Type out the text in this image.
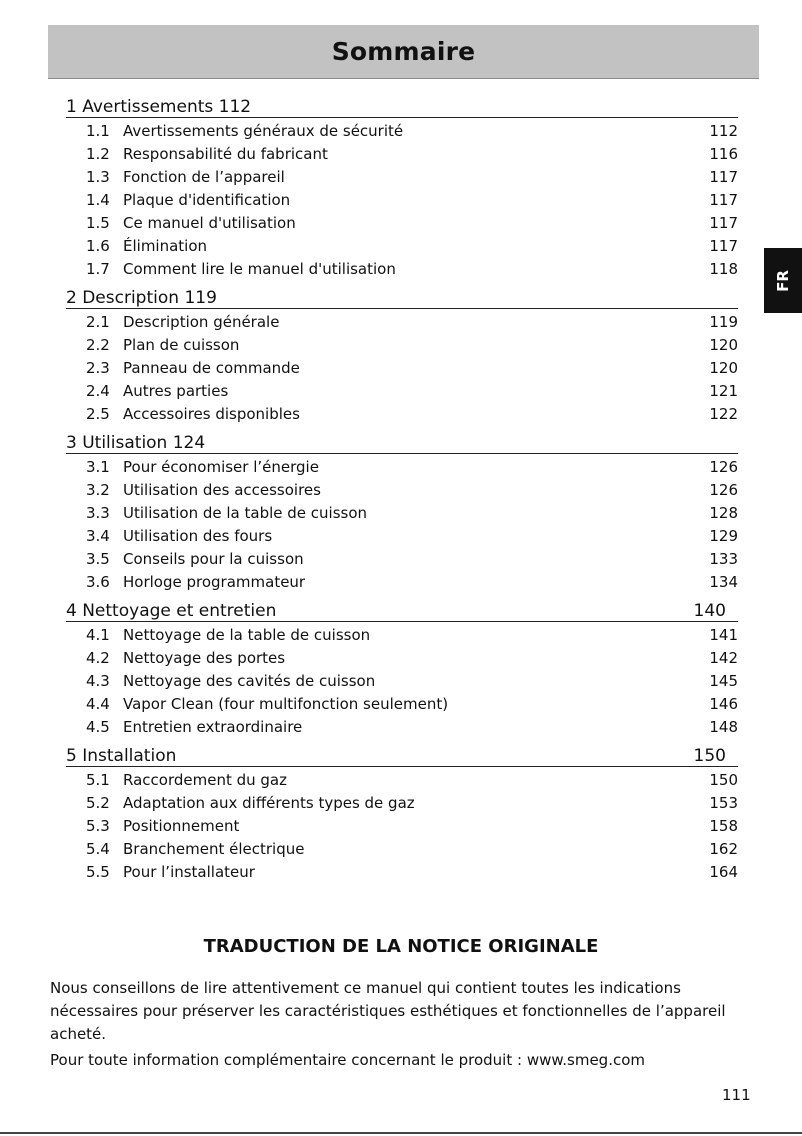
Sommaire
FR
1 Avertissements 112
1.1 Avertissements généraux de sécurité	112
1.2 Responsabilité du fabricant	116
1.3 Fonction de l’appareil	117
1.4 Plaque d'identification	117
1.5 Ce manuel d'utilisation	117
1.6 Élimination	117
1.7 Comment lire le manuel d'utilisation	118
2 Description 119
2.1 Description générale	119
2.2 Plan de cuisson	120
2.3 Panneau de commande	120
2.4 Autres parties	121
2.5 Accessoires disponibles	122
3 Utilisation 124
3.1 Pour économiser l’énergie	126
3.2 Utilisation des accessoires	126
3.3 Utilisation de la table de cuisson	128
3.4 Utilisation des fours	129
3.5 Conseils pour la cuisson	133
3.6 Horloge programmateur	134
4 Nettoyage et entretien	140
4.1 Nettoyage de la table de cuisson	141
4.2 Nettoyage des portes	142
4.3 Nettoyage des cavités de cuisson	145
4.4 Vapor Clean (four multifonction seulement)	146
4.5 Entretien extraordinaire	148
5 Installation	150
5.1 Raccordement du gaz	150
5.2 Adaptation aux différents types de gaz	153
5.3 Positionnement	158
5.4 Branchement électrique	162
5.5 Pour l’installateur	164
TRADUCTION DE LA NOTICE ORIGINALE

Nous conseillons de lire attentivement ce manuel qui contient toutes les indications nécessaires pour préserver les caractéristiques esthétiques et fonctionnelles de l’appareil acheté.

Pour toute information complémentaire concernant le produit : www.smeg.com

111
